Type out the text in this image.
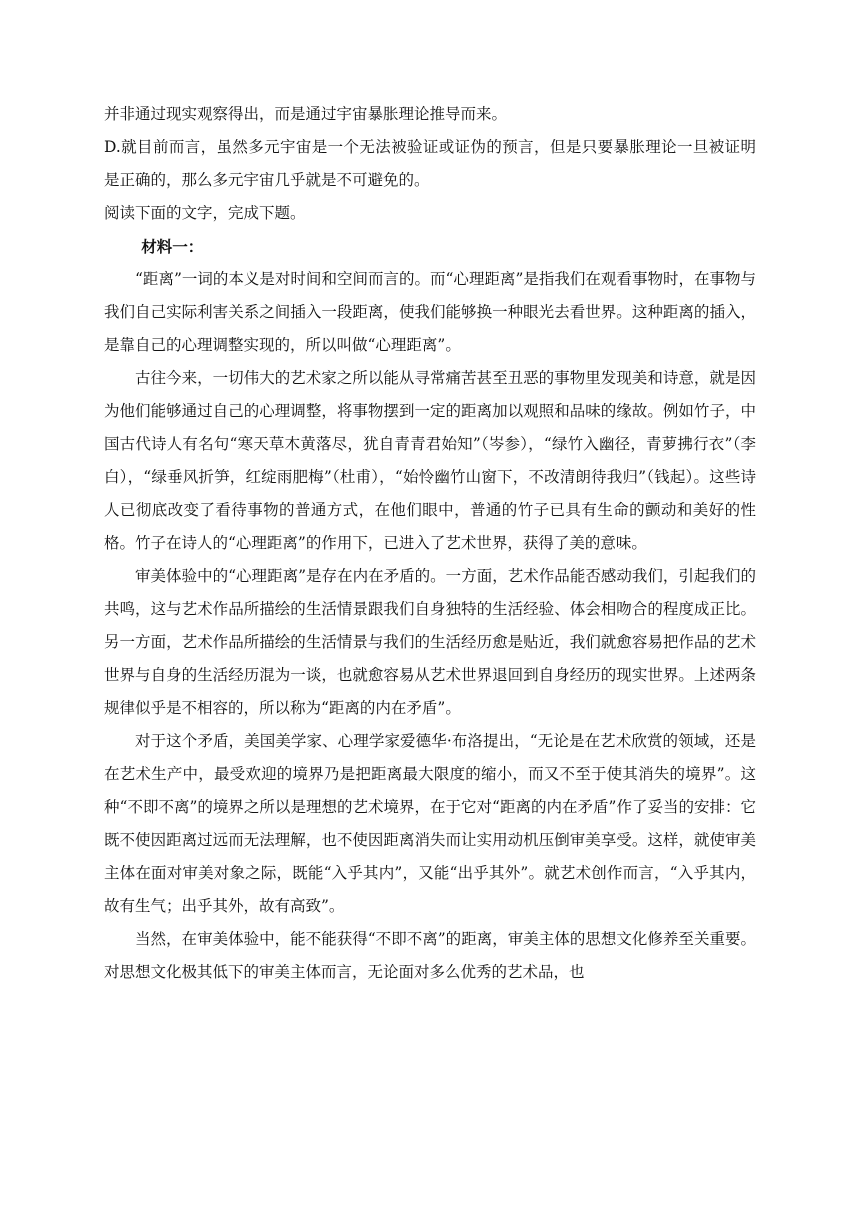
并非通过现实观察得出，而是通过宇宙暴胀理论推导而来。

D.就目前而言，虽然多元宇宙是一个无法被验证或证伪的预言，但是只要暴胀理论一旦被证明是正确的，那么多元宇宙几乎就是不可避免的。

阅读下面的文字，完成下题。

材料一：

“距离”一词的本义是对时间和空间而言的。而“心理距离”是指我们在观看事物时，在事物与我们自己实际利害关系之间插入一段距离，使我们能够换一种眼光去看世界。这种距离的插入，是靠自己的心理调整实现的，所以叫做“心理距离”。

古往今来，一切伟大的艺术家之所以能从寻常痛苦甚至丑恶的事物里发现美和诗意，就是因为他们能够通过自己的心理调整，将事物摆到一定的距离加以观照和品味的缘故。例如竹子，中国古代诗人有名句“寒天草木黄落尽，犹自青青君始知”（岑参），“绿竹入幽径，青萝拂行衣”（李白），“绿垂风折笋，红绽雨肥梅”（杜甫），“始怜幽竹山窗下，不改清朗待我归”（钱起）。这些诗人已彻底改变了看待事物的普通方式，在他们眼中，普通的竹子已具有生命的颤动和美好的性格。竹子在诗人的“心理距离”的作用下，已进入了艺术世界，获得了美的意味。

审美体验中的“心理距离”是存在内在矛盾的。一方面，艺术作品能否感动我们，引起我们的共鸣，这与艺术作品所描绘的生活情景跟我们自身独特的生活经验、体会相吻合的程度成正比。另一方面，艺术作品所描绘的生活情景与我们的生活经历愈是贴近，我们就愈容易把作品的艺术世界与自身的生活经历混为一谈，也就愈容易从艺术世界退回到自身经历的现实世界。上述两条规律似乎是不相容的，所以称为“距离的内在矛盾”。

对于这个矛盾，美国美学家、心理学家爱德华·布洛提出，“无论是在艺术欣赏的领域，还是在艺术生产中，最受欢迎的境界乃是把距离最大限度的缩小，而又不至于使其消失的境界”。这种“不即不离”的境界之所以是理想的艺术境界，在于它对“距离的内在矛盾”作了妥当的安排：它既不使因距离过远而无法理解，也不使因距离消失而让实用动机压倒审美享受。这样，就使审美主体在面对审美对象之际，既能“入乎其内”，又能“出乎其外”。就艺术创作而言，“入乎其内，故有生气；出乎其外，故有高致”。

当然，在审美体验中，能不能获得“不即不离”的距离，审美主体的思想文化修养至关重要。对思想文化极其低下的审美主体而言，无论面对多么优秀的艺术品，也
